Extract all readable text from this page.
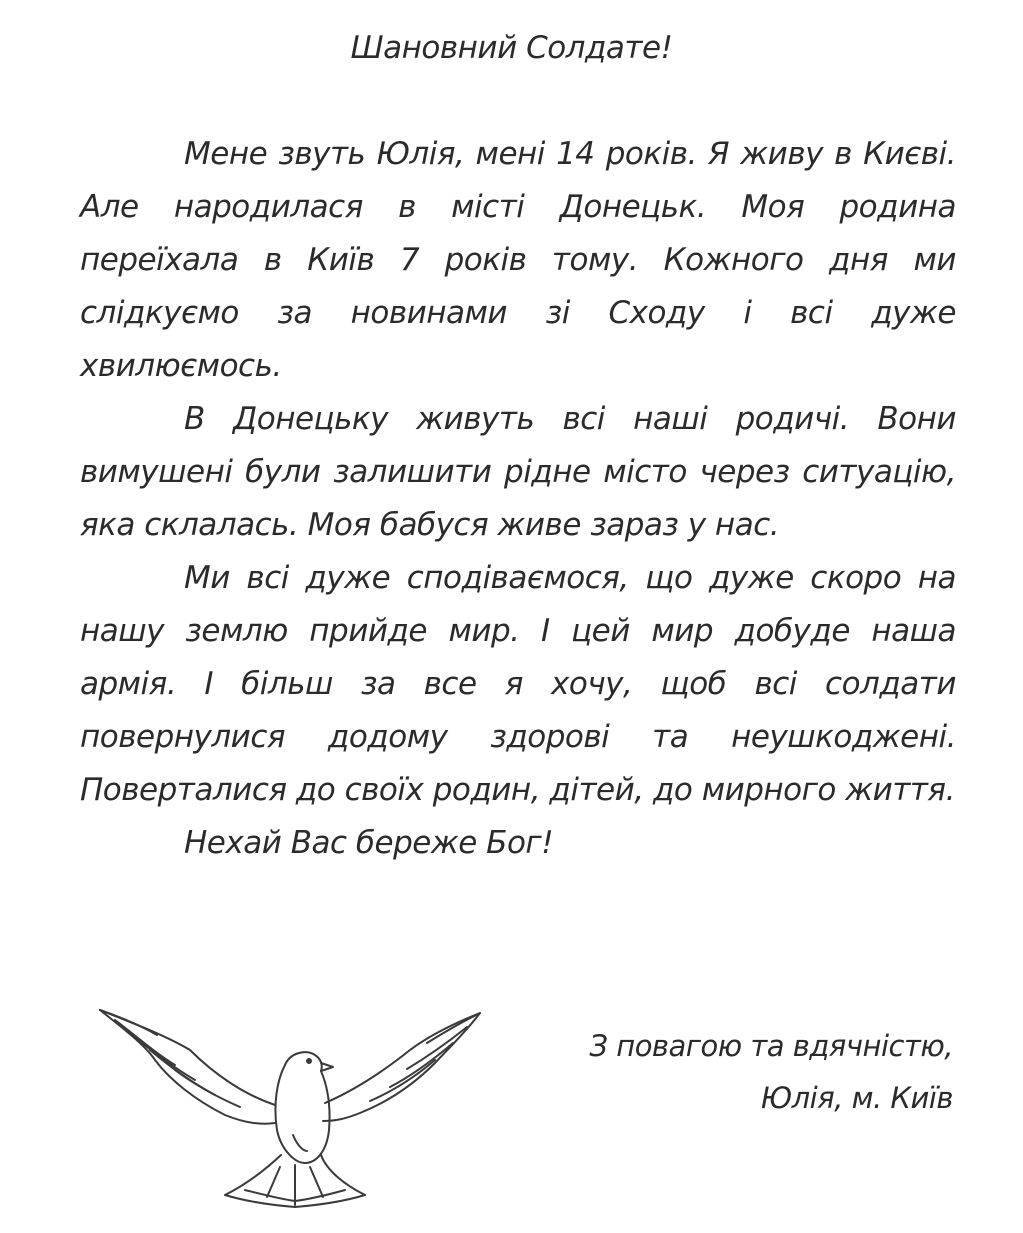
Шановний Солдате!

Мене звуть Юлія, мені 14 років. Я живу в Києві. Але народилася в місті Донецьк. Моя родина переїхала в Київ 7 років тому. Кожного дня ми слідкуємо за новинами зі Сходу і всі дуже хвилюємось.

В Донецьку живуть всі наші родичі. Вони вимушені були залишити рідне місто через ситуацію, яка склалась. Моя бабуся живе зараз у нас.

Ми всі дуже сподіваємося, що дуже скоро на нашу землю прийде мир. І цей мир добуде наша армія. І більш за все я хочу, щоб всі солдати повернулися додому здорові та неушкоджені. Поверталися до своїх родин, дітей, до мирного життя.

Нехай Вас береже Бог!

З повагою та вдячністю,
Юлія, м. Київ
